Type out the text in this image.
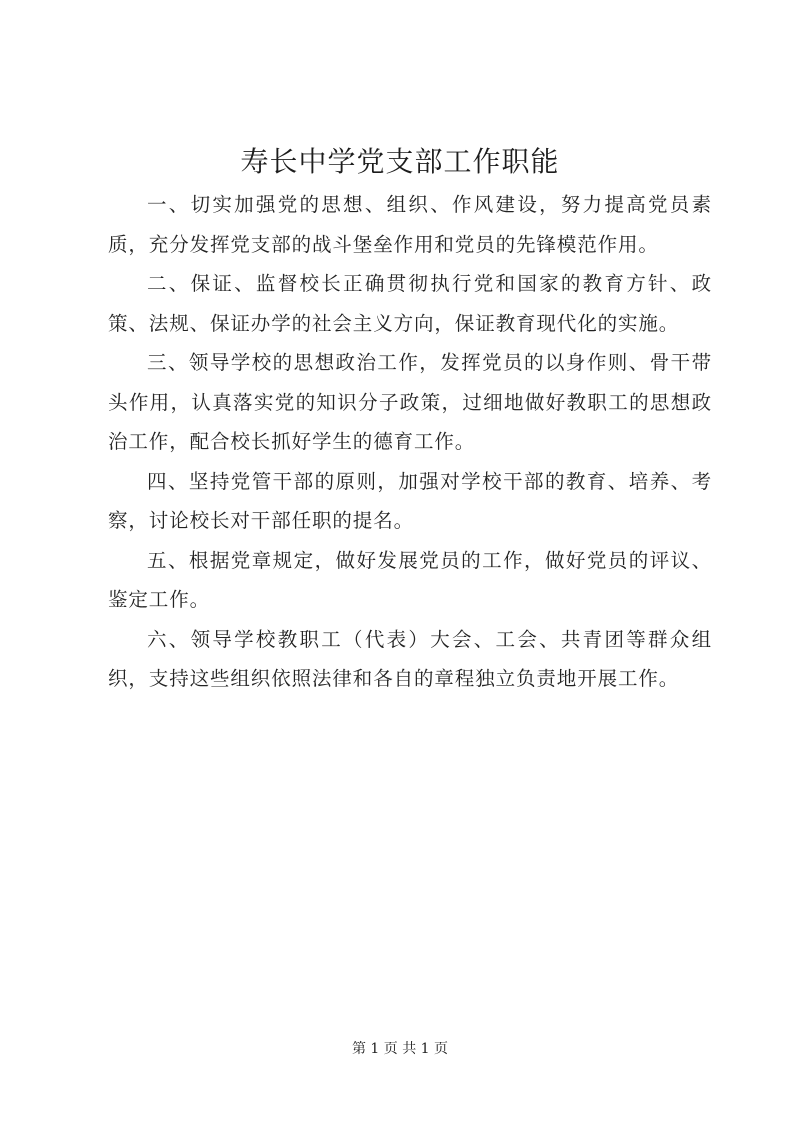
寿长中学党支部工作职能

一、切实加强党的思想、组织、作风建设，努力提高党员素质，充分发挥党支部的战斗堡垒作用和党员的先锋模范作用。

二、保证、监督校长正确贯彻执行党和国家的教育方针、政策、法规、保证办学的社会主义方向，保证教育现代化的实施。

三、领导学校的思想政治工作，发挥党员的以身作则、骨干带头作用，认真落实党的知识分子政策，过细地做好教职工的思想政治工作，配合校长抓好学生的德育工作。

四、坚持党管干部的原则，加强对学校干部的教育、培养、考察，讨论校长对干部任职的提名。

五、根据党章规定，做好发展党员的工作，做好党员的评议、鉴定工作。

六、领导学校教职工（代表）大会、工会、共青团等群众组织，支持这些组织依照法律和各自的章程独立负责地开展工作。

第 1 页 共 1 页
